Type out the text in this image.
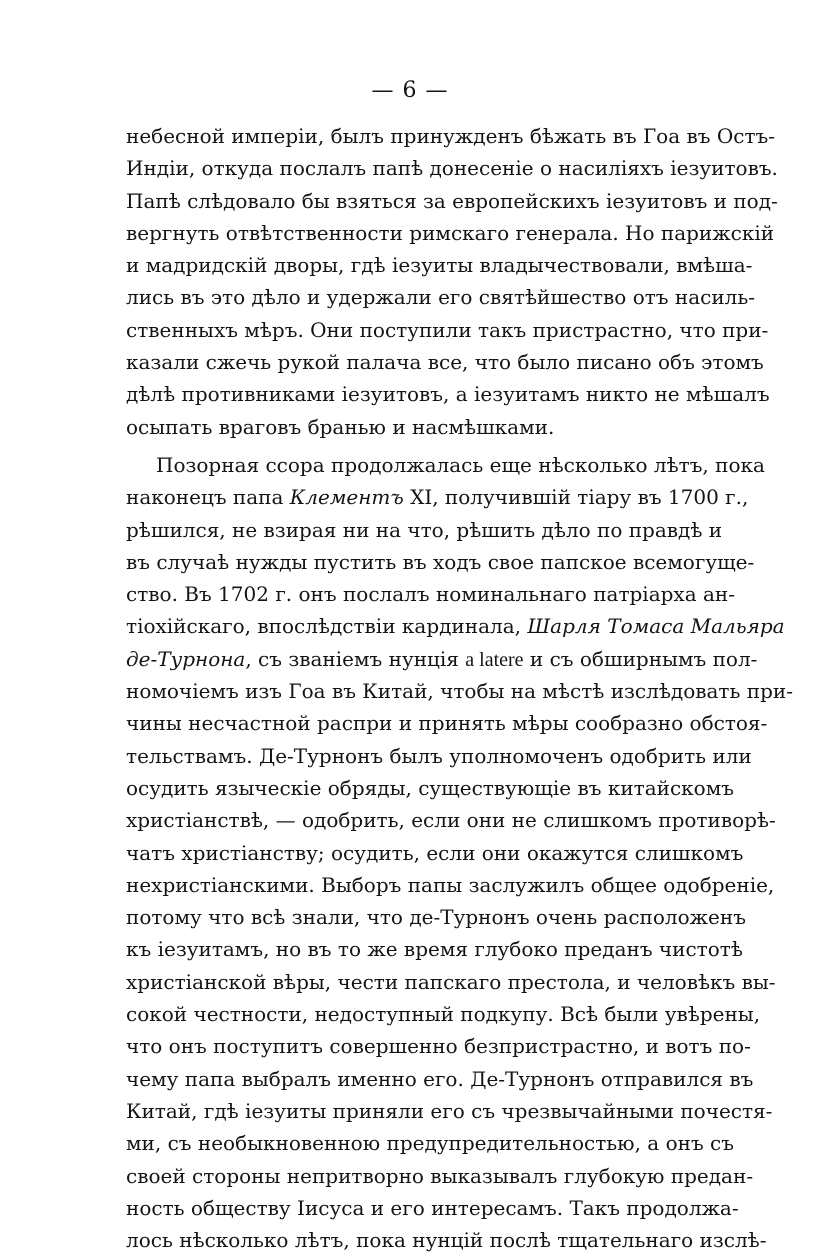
— 6 —
небесной имперіи, былъ принужденъ бѣжать въ Гоа въ Остъ-
Индіи, откуда послалъ папѣ донесеніе о насиліяхъ іезуитовъ.
Папѣ слѣдовало бы взяться за европейскихъ іезуитовъ и под-
вергнуть отвѣтственности римскаго генерала. Но парижскій
и мадридскій дворы, гдѣ іезуиты владычествовали, вмѣша-
лись въ это дѣло и удержали его святѣйшество отъ насиль-
ственныхъ мѣръ. Они поступили такъ пристрастно, что при-
казали сжечь рукой палача все, что было писано объ этомъ
дѣлѣ противниками іезуитовъ, а іезуитамъ никто не мѣшалъ
осыпать враговъ бранью и насмѣшками.
Позорная ссора продолжалась еще нѣсколько лѣтъ, пока
наконецъ папа Клементъ XI, получившій тіару въ 1700 г.,
рѣшился, не взирая ни на что, рѣшить дѣло по правдѣ и
въ случаѣ нужды пустить въ ходъ свое папское всемогуще-
ство. Въ 1702 г. онъ послалъ номинальнаго патріарха ан-
тіохійскаго, впослѣдствіи кардинала, Шарля Томаса Мальяра
де-Турнона, съ званіемъ нунція a latere и съ обширнымъ пол-
номочіемъ изъ Гоа въ Китай, чтобы на мѣстѣ изслѣдовать при-
чины несчастной распри и принять мѣры сообразно обстоя-
тельствамъ. Де-Турнонъ былъ уполномоченъ одобрить или
осудить языческіе обряды, существующіе въ китайскомъ
христіанствѣ, — одобрить, если они не слишкомъ противорѣ-
чатъ христіанству; осудить, если они окажутся слишкомъ
нехристіанскими. Выборъ папы заслужилъ общее одобреніе,
потому что всѣ знали, что де-Турнонъ очень расположенъ
къ іезуитамъ, но въ то же время глубоко преданъ чистотѣ
христіанской вѣры, чести папскаго престола, и человѣкъ вы-
сокой честности, недоступный подкупу. Всѣ были увѣрены,
что онъ поступитъ совершенно безпристрастно, и вотъ по-
чему папа выбралъ именно его. Де-Турнонъ отправился въ
Китай, гдѣ іезуиты приняли его съ чрезвычайными почестя-
ми, съ необыкновенною предупредительностью, а онъ съ
своей стороны непритворно выказывалъ глубокую предан-
ность обществу Іисуса и его интересамъ. Такъ продолжа-
лось нѣсколько лѣтъ, пока нунцій послѣ тщательнаго изслѣ-
